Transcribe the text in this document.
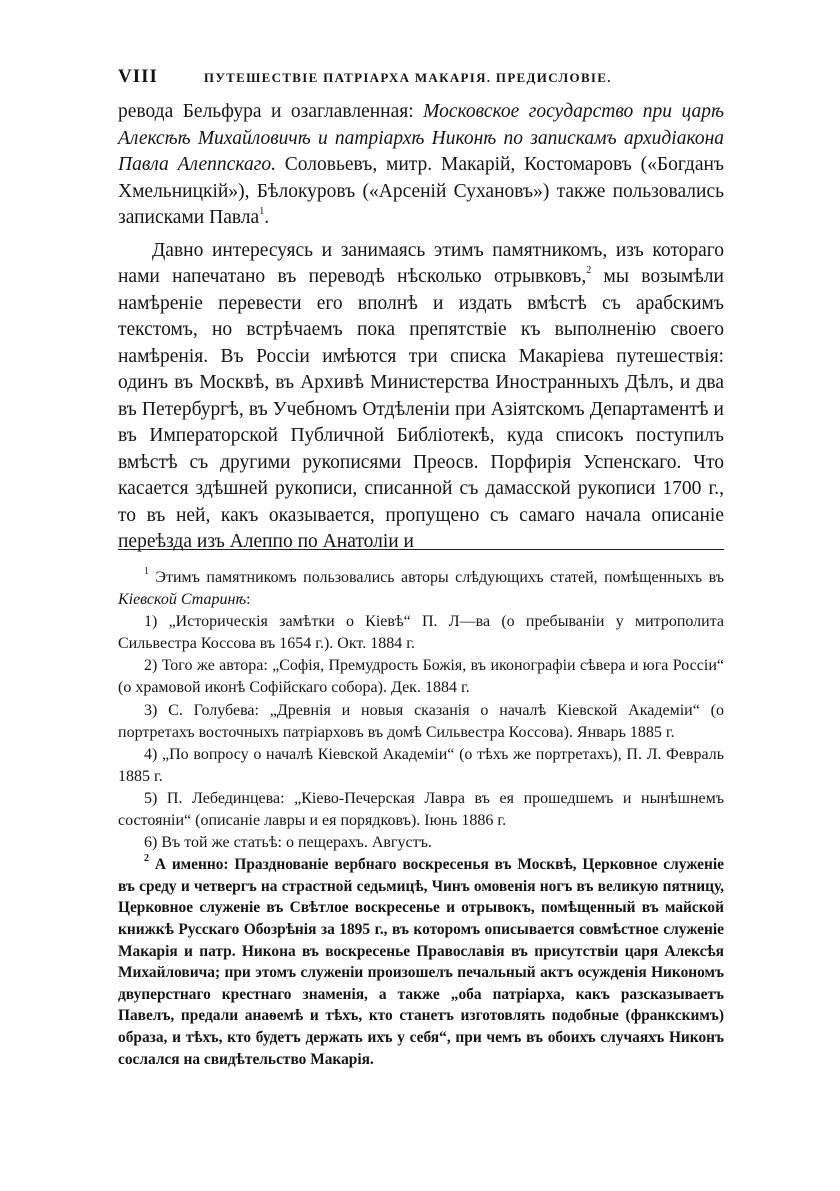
VIII	ПУТЕШЕСТВІЕ ПАТРІАРХА МАКАРІЯ. ПРЕДИСЛОВІЕ.

ревода Бельфура и озаглавленная: Московское государство при царѣ Алексѣѣ Михайловичѣ и патріархѣ Никонѣ по запискамъ архидіакона Павла Алеппскаго. Соловьевъ, митр. Макарій, Костомаровъ («Богданъ Хмельницкій»), Бѣлокуровъ («Арсеній Сухановъ») также пользовались записками Павла$^1$.

Давно интересуясь и занимаясь этимъ памятникомъ, изъ котораго нами напечатано въ переводѣ нѣсколько отрывковъ,$^2$ мы возымѣли намѣреніе перевести его вполнѣ и издать вмѣстѣ съ арабскимъ текстомъ, но встрѣчаемъ пока препятствіе къ выполненію своего намѣренія. Въ Россіи имѣются три списка Макаріева путешествія: одинъ въ Москвѣ, въ Архивѣ Министерства Иностранныхъ Дѣлъ, и два въ Петербургѣ, въ Учебномъ Отдѣленіи при Азіятскомъ Департаментѣ и въ Императорской Публичной Библіотекѣ, куда списокъ поступилъ вмѣстѣ съ другими рукописями Преосв. Порфирія Успенскаго. Что касается здѣшней рукописи, списанной съ дамасской рукописи 1700 г., то въ ней, какъ оказывается, пропущено съ самаго начала описаніе переѣзда изъ Алеппо по Анатоліи и

$^1$ Этимъ памятникомъ пользовались авторы слѣдующихъ статей, помѣщенныхъ въ Кіевской Старинѣ:

1) „Историческія замѣтки о Кіевѣ“ П. Л—ва (о пребываніи у митрополита Сильвестра Коссова въ 1654 г.). Окт. 1884 г.

2) Того же автора: „Софія, Премудрость Божія, въ иконографіи сѣвера и юга Россіи“ (о храмовой иконѣ Софійскаго собора). Дек. 1884 г.

3) С. Голубева: „Древнія и новыя сказанія о началѣ Кіевской Академіи“ (о портретахъ восточныхъ патріарховъ въ домѣ Сильвестра Коссова). Январь 1885 г.

4) „По вопросу о началѣ Кіевской Академіи“ (о тѣхъ же портретахъ), П. Л. Февраль 1885 г.

5) П. Лебединцева: „Кіево-Печерская Лавра въ ея прошедшемъ и нынѣшнемъ состояніи“ (описаніе лавры и ея порядковъ). Іюнь 1886 г.

6) Въ той же статьѣ: о пещерахъ. Августъ.

$^2$ А именно: Празднованіе вербнаго воскресенья въ Москвѣ, Церковное служеніе въ среду и четвергъ на страстной седьмицѣ, Чинъ омовенія ногъ въ великую пятницу, Церковное служеніе въ Свѣтлое воскресенье и отрывокъ, помѣщенный въ майской книжкѣ Русскаго Обозрѣнія за 1895 г., въ которомъ описывается совмѣстное служеніе Макарія и патр. Никона въ воскресенье Православія въ присутствіи царя Алексѣя Михайловича; при этомъ служеніи произошелъ печальный актъ осужденія Никономъ двуперстнаго крестнаго знаменія, а также „оба патріарха, какъ разсказываетъ Павелъ, предали анаѳемѣ и тѣхъ, кто станетъ изготовлять подобные (франкскимъ) образа, и тѣхъ, кто будетъ держать ихъ у себя“, при чемъ въ обоихъ случаяхъ Никонъ сослался на свидѣтельство Макарія.
